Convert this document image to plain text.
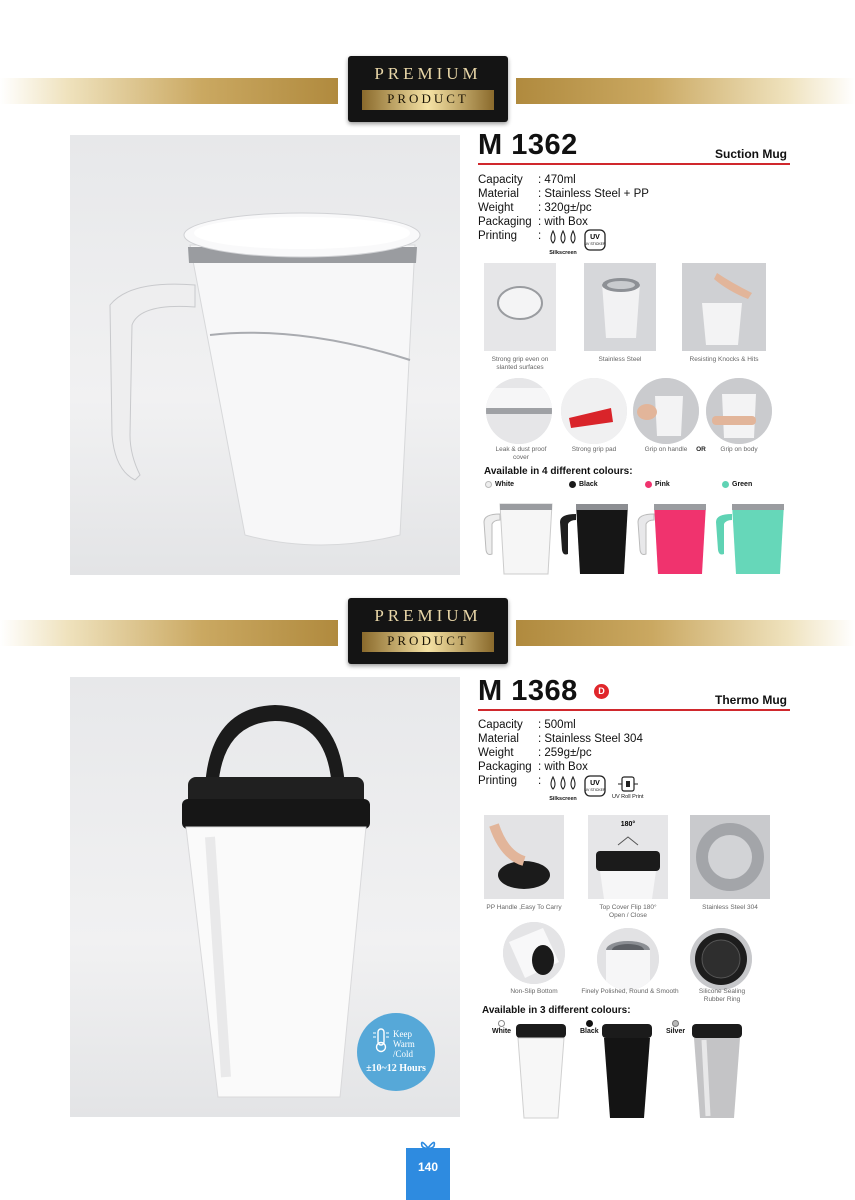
PREMIUM
PRODUCT
M 1362	Suction Mug
Capacity	: 470ml
Material	: Stainless Steel + PP
Weight	: 320g±/pc
Packaging : with Box
Printing	:
Silkscreen
UV
UV STICKER
Strong grip even on slanted surfaces
Stainless Steel	Resisting Knocks & Hits
Leak & dust proof cover
Strong grip pad	Grip on handle	OR	Grip on body
Available in 4 different colours:
White	Black	Pink	Green
PREMIUM
PRODUCT
Keep
Warm
/Cold
±10~12 Hours
M 1368	D
Thermo Mug
Capacity	: 500ml
Material	: Stainless Steel 304
Weight	: 259g±/pc
Packaging : with Box
Printing	:
Silkscreen
UV
UV STICKER
UV Roll Print
180°
PP Handle ,Easy To Carry	Top Cover Flip 180° Open / Close
Stainless Steel 304
Non-Slip Bottom	Finely Polished, Round & Smooth	Silicone Sealing Rubber Ring
Available in 3 different colours:
White	Black	Silver
140
